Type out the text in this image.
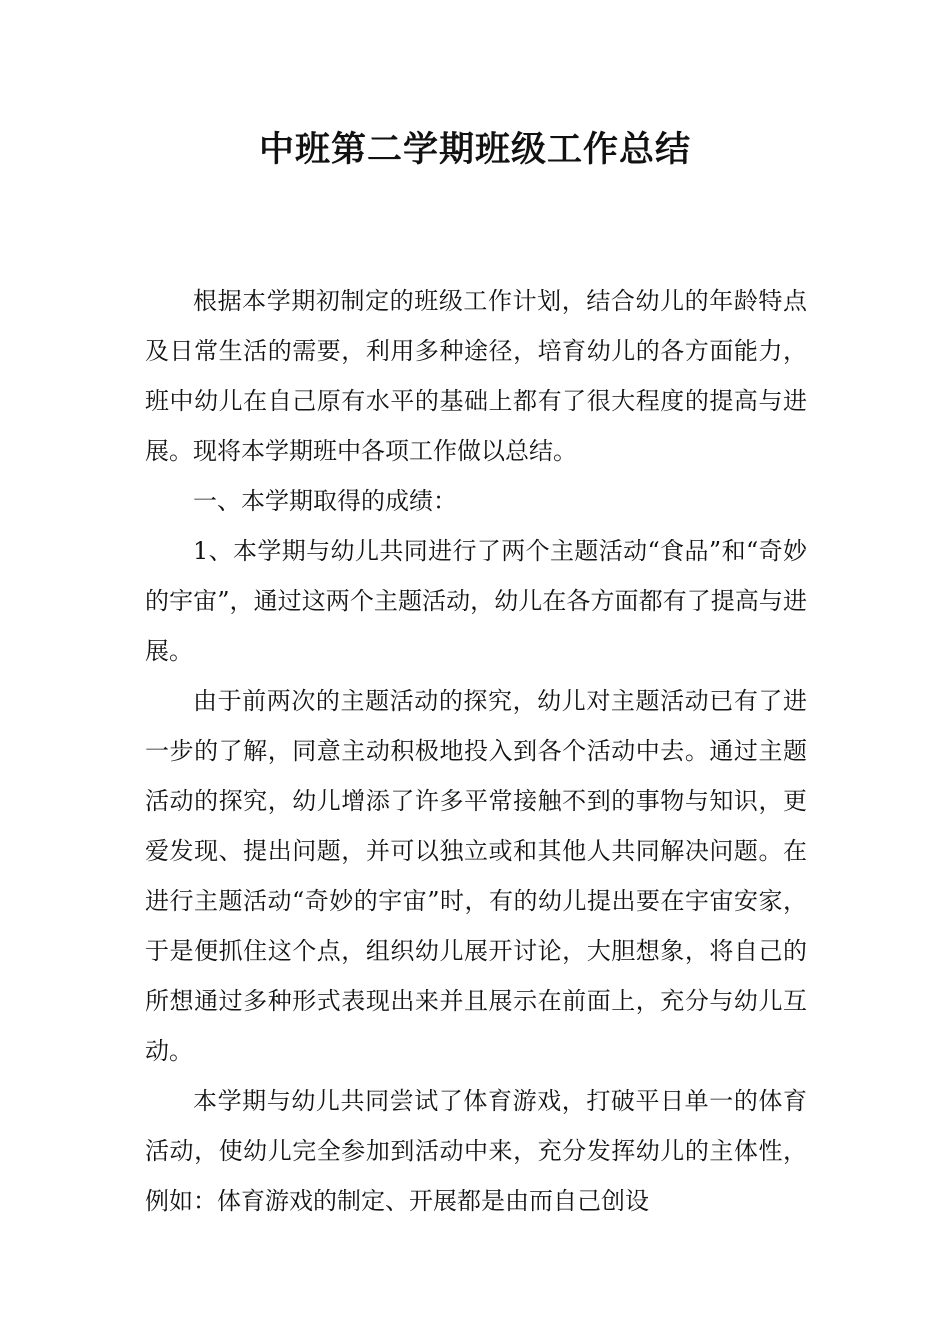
中班第二学期班级工作总结

根据本学期初制定的班级工作计划，结合幼儿的年龄特点及日常生活的需要，利用多种途径，培育幼儿的各方面能力，班中幼儿在自己原有水平的基础上都有了很大程度的提高与进展。现将本学期班中各项工作做以总结。

一、本学期取得的成绩：

1、本学期与幼儿共同进行了两个主题活动“食品”和“奇妙的宇宙”，通过这两个主题活动，幼儿在各方面都有了提高与进展。

由于前两次的主题活动的探究，幼儿对主题活动已有了进一步的了解，同意主动积极地投入到各个活动中去。通过主题活动的探究，幼儿增添了许多平常接触不到的事物与知识，更爱发现、提出问题，并可以独立或和其他人共同解决问题。在进行主题活动“奇妙的宇宙”时，有的幼儿提出要在宇宙安家，于是便抓住这个点，组织幼儿展开讨论，大胆想象，将自己的所想通过多种形式表现出来并且展示在前面上，充分与幼儿互动。

本学期与幼儿共同尝试了体育游戏，打破平日单一的体育活动，使幼儿完全参加到活动中来，充分发挥幼儿的主体性，例如：体育游戏的制定、开展都是由而自己创设
